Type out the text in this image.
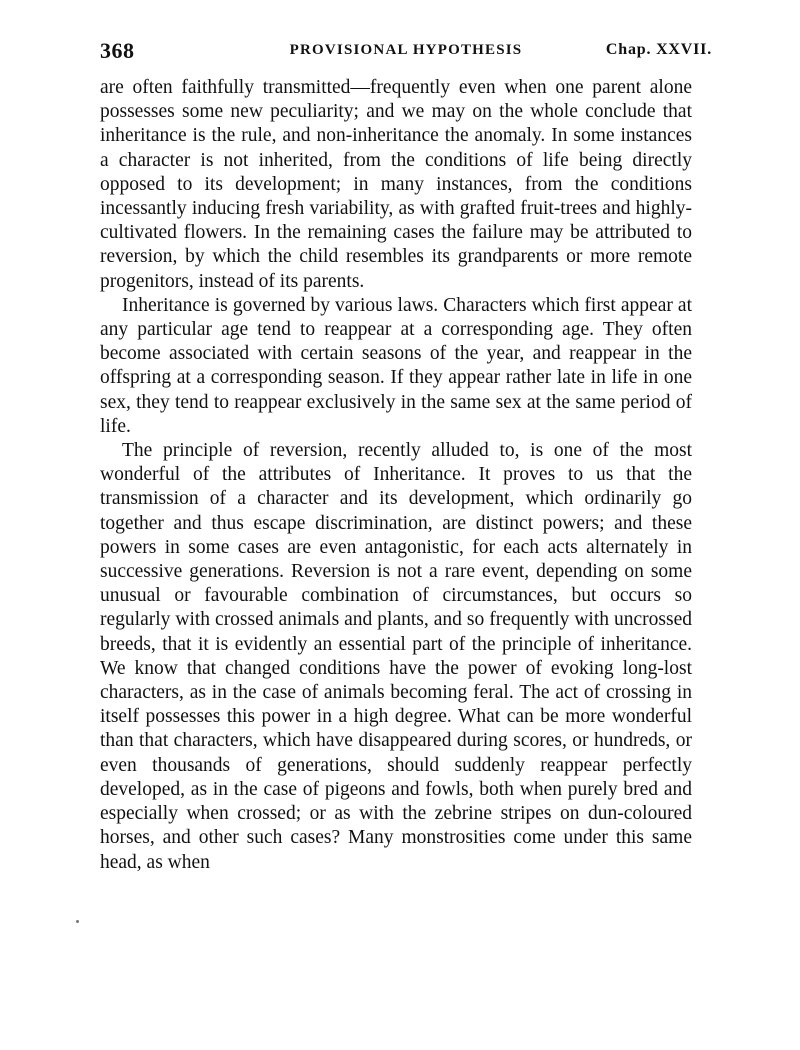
368	PROVISIONAL HYPOTHESIS	Chap. XXVII.

are often faithfully transmitted—frequently even when one parent alone possesses some new peculiarity; and we may on the whole conclude that inheritance is the rule, and non-inheritance the anomaly. In some instances a character is not inherited, from the conditions of life being directly opposed to its development; in many instances, from the conditions incessantly inducing fresh variability, as with grafted fruit-trees and highly-cultivated flowers. In the remaining cases the failure may be attributed to reversion, by which the child resembles its grandparents or more remote progenitors, instead of its parents.

Inheritance is governed by various laws. Characters which first appear at any particular age tend to reappear at a corresponding age. They often become associated with certain seasons of the year, and reappear in the offspring at a corresponding season. If they appear rather late in life in one sex, they tend to reappear exclusively in the same sex at the same period of life.

The principle of reversion, recently alluded to, is one of the most wonderful of the attributes of Inheritance. It proves to us that the transmission of a character and its development, which ordinarily go together and thus escape discrimination, are distinct powers; and these powers in some cases are even antagonistic, for each acts alternately in successive generations. Reversion is not a rare event, depending on some unusual or favourable combination of circumstances, but occurs so regularly with crossed animals and plants, and so frequently with uncrossed breeds, that it is evidently an essential part of the principle of inheritance. We know that changed conditions have the power of evoking long-lost characters, as in the case of animals becoming feral. The act of crossing in itself possesses this power in a high degree. What can be more wonderful than that characters, which have disappeared during scores, or hundreds, or even thousands of generations, should suddenly reappear perfectly developed, as in the case of pigeons and fowls, both when purely bred and especially when crossed; or as with the zebrine stripes on dun-coloured horses, and other such cases? Many monstrosities come under this same head, as when
